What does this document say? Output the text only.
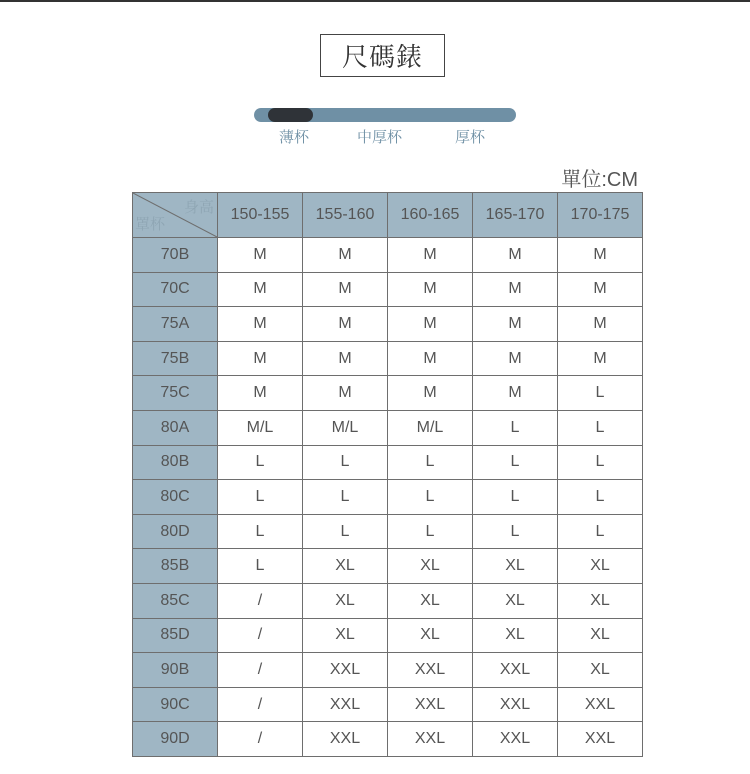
尺碼錶
薄杯	中厚杯	厚杯
單位:CM
身高
罩杯	150-155	155-160	160-165	165-170	170-175
70B	M	M	M	M	M
70C	M	M	M	M	M
75A	M	M	M	M	M
75B	M	M	M	M	M
75C	M	M	M	M	L
80A	M/L	M/L	M/L	L	L
80B	L	L	L	L	L
80C	L	L	L	L	L
80D	L	L	L	L	L
85B	L	XL	XL	XL	XL
85C	/	XL	XL	XL	XL
85D	/	XL	XL	XL	XL
90B	/	XXL	XXL	XXL	XL
90C	/	XXL	XXL	XXL	XXL
90D	/	XXL	XXL	XXL	XXL
